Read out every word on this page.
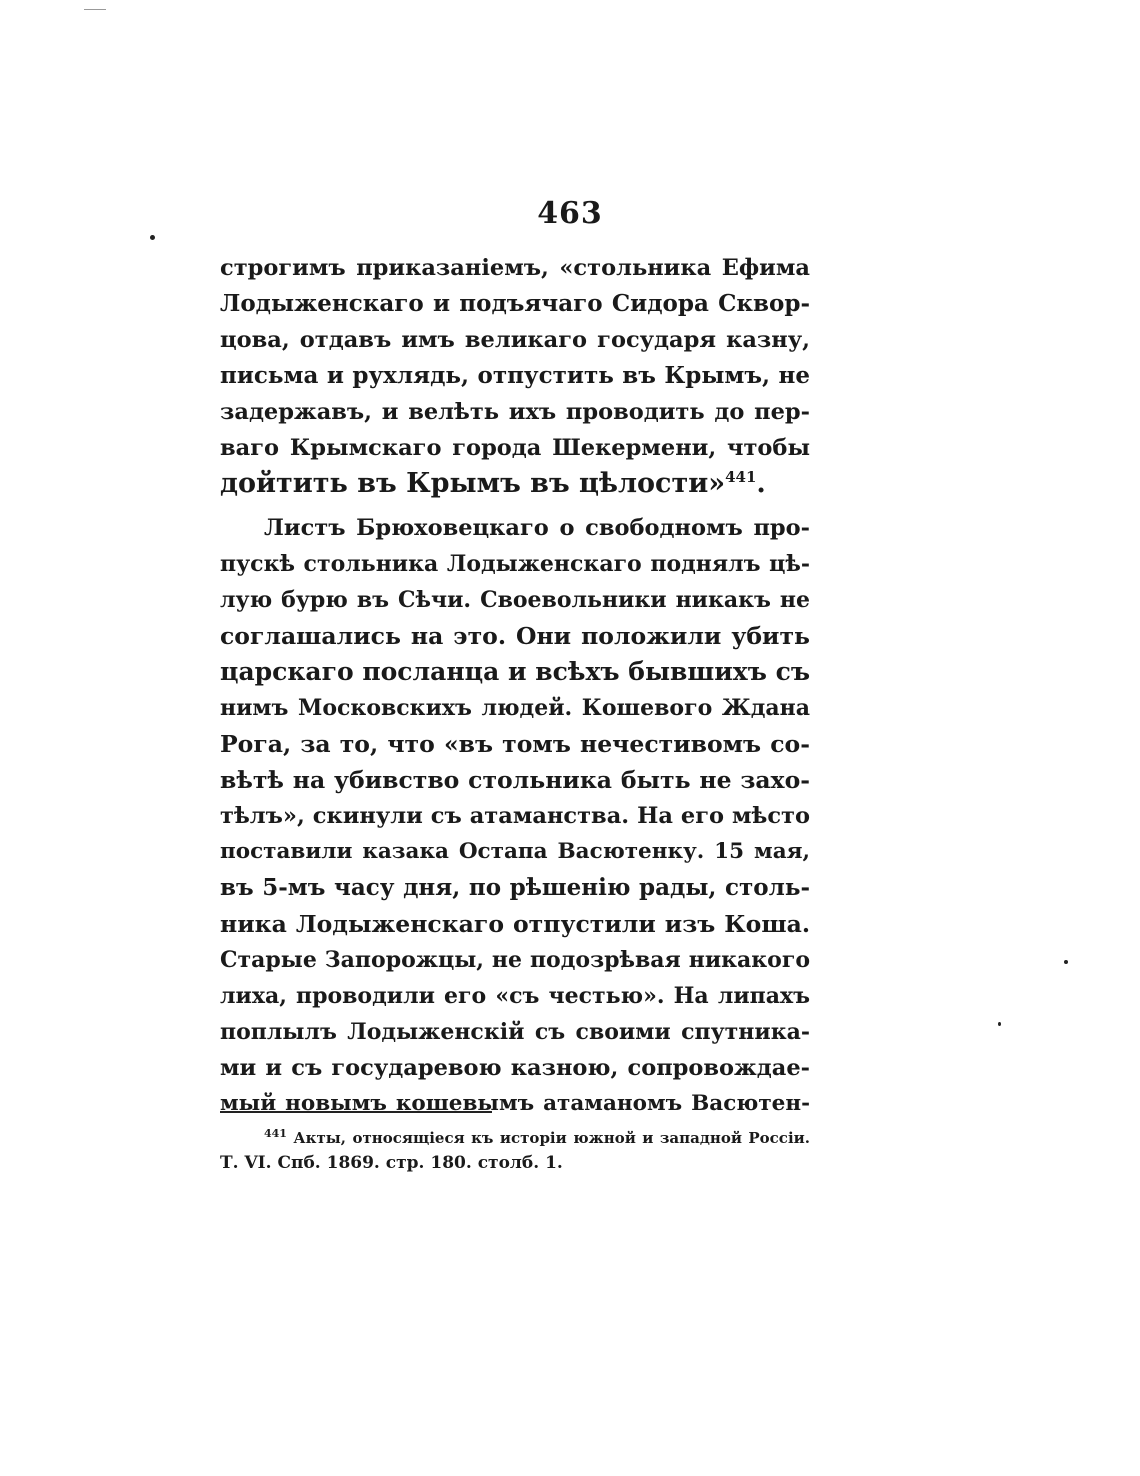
463
строгимъ приказаніемъ, «стольника Ефима
Лодыженскаго и подъячаго Сидора Сквор-
цова, отдавъ имъ великаго государя казну,
письма и рухлядь, отпустить въ Крымъ, не
задержавъ, и велѣть ихъ проводить до пер-
ваго Крымскаго города Шекермени, чтобы
дойтить въ Крымъ въ цѣлости»$^{441}$.
Листъ Брюховецкаго о свободномъ про-
пускѣ стольника Лодыженскаго поднялъ цѣ-
лую бурю въ Сѣчи. Своевольники никакъ не
соглашались на это. Они положили убить
царскаго посланца и всѣхъ бывшихъ съ
нимъ Московскихъ людей. Кошевого Ждана
Рога, за то, что «въ томъ нечестивомъ со-
вѣтѣ на убивство стольника быть не захо-
тѣлъ», скинули съ атаманства. На его мѣсто
поставили казака Остапа Васютенку. 15 мая,
въ 5-мъ часу дня, по рѣшенію рады, столь-
ника Лодыженскаго отпустили изъ Коша.
Старые Запорожцы, не подозрѣвая никакого
лиха, проводили его «съ честью». На липахъ
поплылъ Лодыженскій съ своими спутника-
ми и съ государевою казною, сопровождае-
мый новымъ кошевымъ атаманомъ Васютен-
$^{441}$ Акты, относящіеся къ исторіи южной и западной Россіи.
Т. VI. Спб. 1869. стр. 180. столб. 1.
